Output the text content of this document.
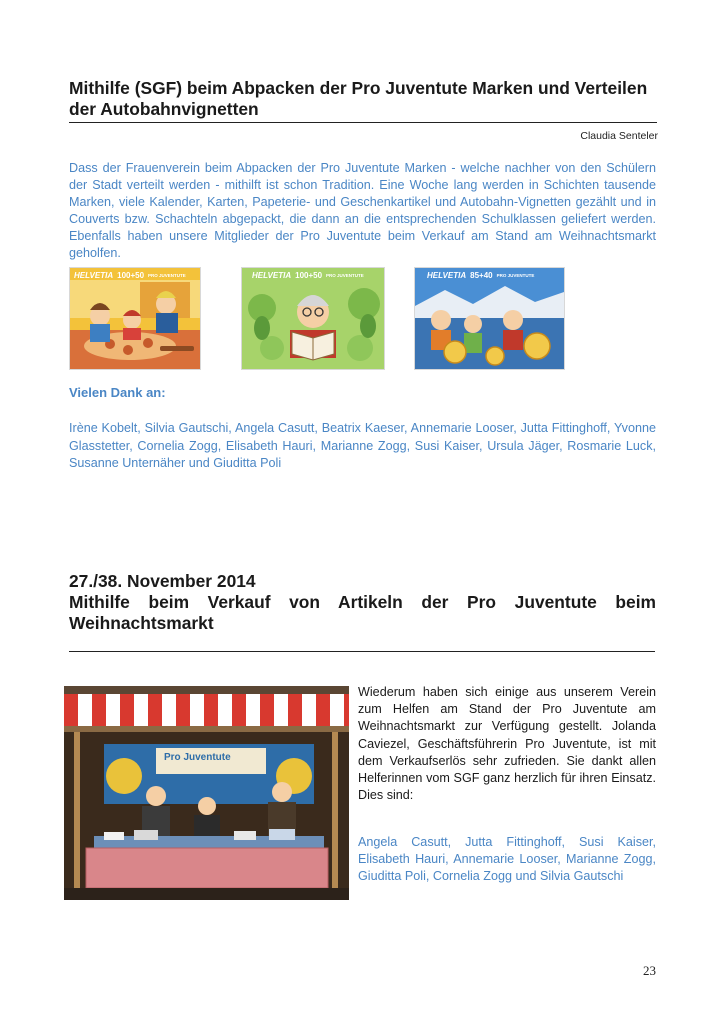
Mithilfe (SGF) beim Abpacken der Pro Juventute Marken und Verteilen der Autobahnvignetten
Claudia Senteler
Dass der Frauenverein beim Abpacken der Pro Juventute Marken - welche nachher von den Schülern der Stadt verteilt werden - mithilft ist schon Tradition. Eine Woche lang werden in Schichten tausende Marken, viele Kalender, Karten, Papeterie- und Geschenkartikel und Autobahn-Vignetten gezählt und in Couverts bzw. Schachteln abgepackt, die dann an die entsprechenden Schulklassen geliefert werden. Ebenfalls haben unsere Mitglieder der Pro Juventute beim Verkauf am Stand am Weihnachtsmarkt geholfen.
HELVETIA 100+50 PRO JUVENTUTE	HELVETIA 100+50 PRO JUVENTUTE	HELVETIA 85+40 PRO JUVENTUTE
Vielen Dank an:
Irène Kobelt, Silvia Gautschi, Angela Casutt, Beatrix Kaeser, Annemarie Looser, Jutta Fittinghoff, Yvonne Glasstetter, Cornelia Zogg, Elisabeth Hauri, Marianne Zogg, Susi Kaiser, Ursula Jäger, Rosmarie Luck, Susanne Unternäher und Giuditta Poli
27./38. November 2014
Mithilfe beim Verkauf von Artikeln der Pro Juventute beim Weihnachtsmarkt
Pro Juventute
Wiederum haben sich einige aus unserem Verein zum Helfen am Stand der Pro Juventute am Weihnachtsmarkt zur Verfügung gestellt. Jolanda Caviezel, Geschäftsführerin Pro Juventute, ist mit dem Verkaufserlös sehr zufrieden. Sie dankt allen Helferinnen vom SGF ganz herzlich für ihren Einsatz. Dies sind:
Angela Casutt, Jutta Fittinghoff, Susi Kaiser, Elisabeth Hauri, Annemarie Looser, Marianne Zogg, Giuditta Poli, Cornelia Zogg und Silvia Gautschi
23
